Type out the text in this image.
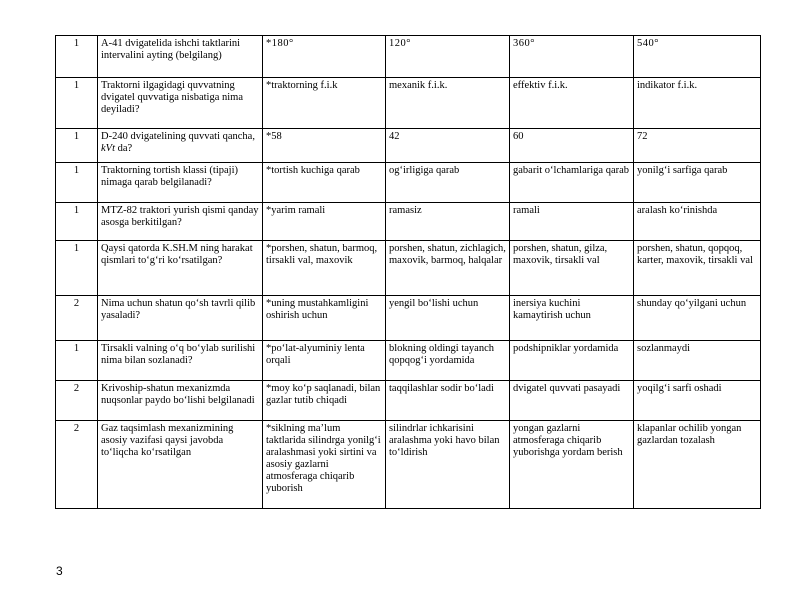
1	A-41 dvigatelida ishchi taktlarini intervalini ayting (belgilang)	*180°	120°	360°	540°
1	Traktorni ilgagidagi quvvatning dvigatel quvvatiga nisbatiga nima deyiladi?	*traktorning f.i.k	mexanik f.i.k.	effektiv f.i.k.	indikator f.i.k.
1	D-240 dvigatelining quvvati qancha, kVt da?	*58	42	60	72
1	Traktorning tortish klassi (tipaji) nimaga qarab belgilanadi?	*tortish kuchiga qarab	og‘irligiga qarab	gabarit o‘lchamlariga qarab	yonilg‘i sarfiga qarab
1	MTZ-82 traktori yurish qismi qanday asosga berkitilgan?	*yarim ramali	ramasiz	ramali	aralash ko‘rinishda
1	Qaysi qatorda K.SH.M ning harakat qismlari to‘g‘ri ko‘rsatilgan?	*porshen, shatun, barmoq, tirsakli val, maxovik	porshen, shatun, zichlagich, maxovik, barmoq, halqalar	porshen, shatun, gilza, maxovik, tirsakli val	porshen, shatun, qopqoq, karter, maxovik, tirsakli val
2	Nima uchun shatun qo‘sh tavrli qilib yasaladi?	*uning mustahkamligini oshirish uchun	yengil bo‘lishi uchun	inersiya kuchini kamaytirish uchun	shunday qo‘yilgani uchun
1	Tirsakli valning o‘q bo‘ylab surilishi nima bilan sozlanadi?	*po‘lat-alyuminiy lenta orqali	blokning oldingi tayanch qopqog‘i yordamida	podshipniklar yordamida	sozlanmaydi
2	Krivoship-shatun mexanizmda nuqsonlar paydo bo‘lishi belgilanadi	*moy ko‘p saqlanadi, bilan gazlar tutib chiqadi	taqqilashlar sodir bo‘ladi	dvigatel quvvati pasayadi	yoqilg‘i sarfi oshadi
2	Gaz taqsimlash mexanizmining asosiy vazifasi qaysi javobda to‘liqcha ko‘rsatilgan	*siklning ma’lum taktlarida silindrga yonilg‘i aralashmasi yoki sirtini va asosiy gazlarni atmosferaga chiqarib yuborish	silindrlar ichkarisini aralashma yoki havo bilan to‘ldirish	yongan gazlarni atmosferaga chiqarib yuborishga yordam berish	klapanlar ochilib yongan gazlardan tozalash
3
